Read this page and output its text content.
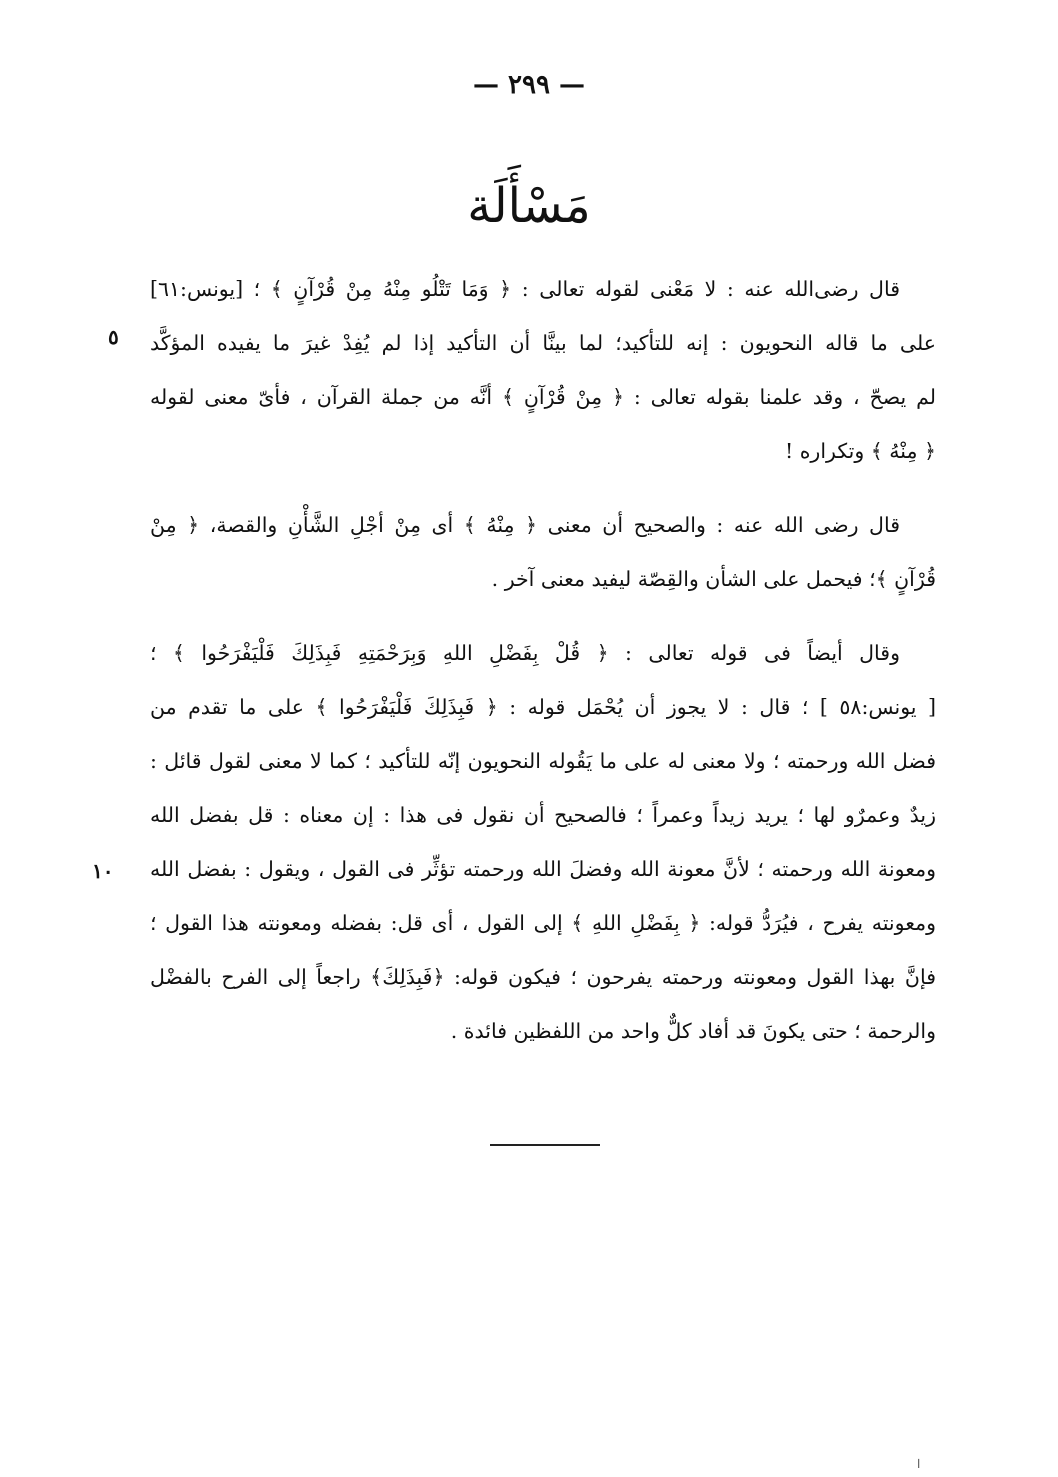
— ٢٩٩ —
مَسْأَلَة
قال رضى‌الله عنه : لا مَعْنى لقوله تعالى : ﴿ وَمَا تَتْلُو مِنْهُ مِنْ قُرْآنٍ ﴾ ؛ [يونس:٦١]
على ما قاله النحويون : إنه للتأكيد؛ لما بينَّا أن التأكيد إذا لم يُفِدْ غيرَ ما يفيده المؤكَّد
لم يصحّ ، وقد علمنا بقوله تعالى : ﴿ مِنْ قُرْآنٍ ﴾ أنَّه من جملة القرآن ، فأىّ معنى لقوله
﴿ مِنْهُ ﴾ وتكراره !
قال رضى الله عنه : والصحيح أن معنى ﴿ مِنْهُ ﴾ أى مِنْ أجْلِ الشَّأْنِ والقصة، ﴿ مِنْ
قُرْآنٍ ﴾؛ فيحمل على الشأن والقِصّة ليفيد معنى آخر .
وقال أيضاً فى قوله تعالى : ﴿ قُلْ بِفَضْلِ اللهِ وَبِرَحْمَتِهِ فَبِذَلِكَ فَلْيَفْرَحُوا ﴾ ؛
[ يونس:٥٨ ] ؛ قال : لا يجوز أن يُحْمَل قوله : ﴿ فَبِذَلِكَ فَلْيَفْرَحُوا ﴾ على ما تقدم من
فضل الله ورحمته ؛ ولا معنى له على ما يَقُوله النحويون إنّه للتأكيد ؛ كما لا معنى لقول قائل :
زيدٌ وعمرٌو لها ؛ يريد زيداً وعمراً ؛ فالصحيح أن نقول فى هذا : إن معناه : قل بفضل الله
ومعونة الله ورحمته ؛ لأنَّ معونة الله وفضلَ الله ورحمته تؤثِّر فى القول ، ويقول : بفضل الله
ومعونته يفرح ، فيُرَدُّ قوله: ﴿ بِفَضْلِ اللهِ ﴾ إلى القول ، أى قل: بفضله ومعونته هذا القول ؛
فإنَّ بهذا القول ومعونته ورحمته يفرحون ؛ فيكون قوله: ﴿فَبِذَلِكَ﴾ راجعاً إلى الفرح بالفضْل
والرحمة ؛ حتى يكونَ قد أفاد كلٌّ واحد من اللفظين فائدة .
٥
١٠
ا
